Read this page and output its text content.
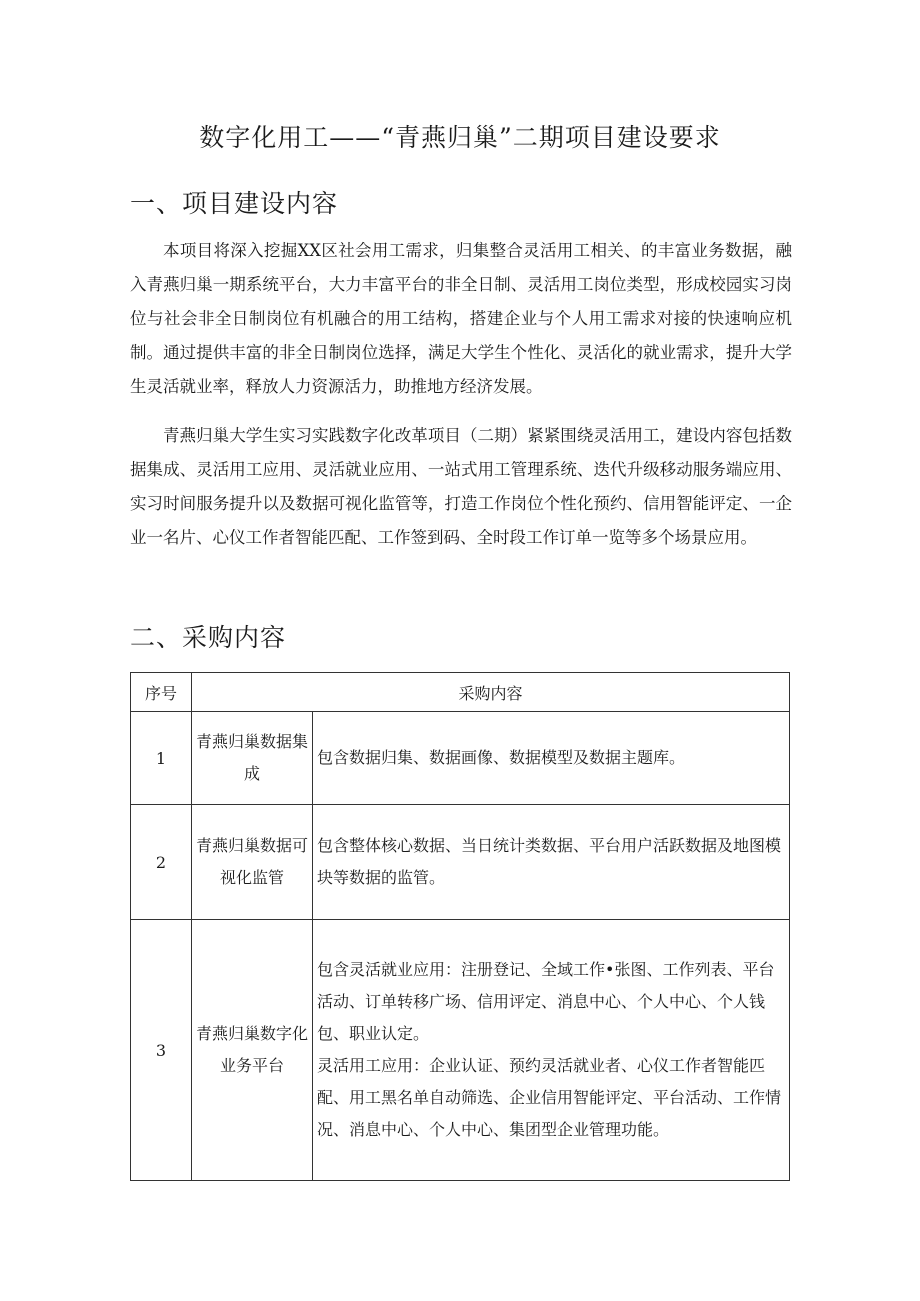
数字化用工——“青燕归巢”二期项目建设要求
一、项目建设内容

本项目将深入挖掘XX区社会用工需求，归集整合灵活用工相关、的丰富业务数据，融入青燕归巢一期系统平台，大力丰富平台的非全日制、灵活用工岗位类型，形成校园实习岗位与社会非全日制岗位有机融合的用工结构，搭建企业与个人用工需求对接的快速响应机制。通过提供丰富的非全日制岗位选择，满足大学生个性化、灵活化的就业需求，提升大学生灵活就业率，释放人力资源活力，助推地方经济发展。

青燕归巢大学生实习实践数字化改革项目（二期）紧紧围绕灵活用工，建设内容包括数据集成、灵活用工应用、灵活就业应用、一站式用工管理系统、迭代升级移动服务端应用、实习时间服务提升以及数据可视化监管等，打造工作岗位个性化预约、信用智能评定、一企业一名片、心仪工作者智能匹配、工作签到码、全时段工作订单一览等多个场景应用。

二、采购内容
序号	采购内容	
1	青燕归巢数据集成	包含数据归集、数据画像、数据模型及数据主题库。
2	青燕归巢数据可视化监管	包含整体核心数据、当日统计类数据、平台用户活跃数据及地图模块等数据的监管。
3	青燕归巢数字化业务平台	包含灵活就业应用：注册登记、全域工作•张图、工作列表、平台活动、订单转移广场、信用评定、消息中心、个人中心、个人钱包、职业认定。
灵活用工应用：企业认证、预约灵活就业者、心仪工作者智能匹配、用工黑名单自动筛选、企业信用智能评定、平台活动、工作情况、消息中心、个人中心、集团型企业管理功能。
